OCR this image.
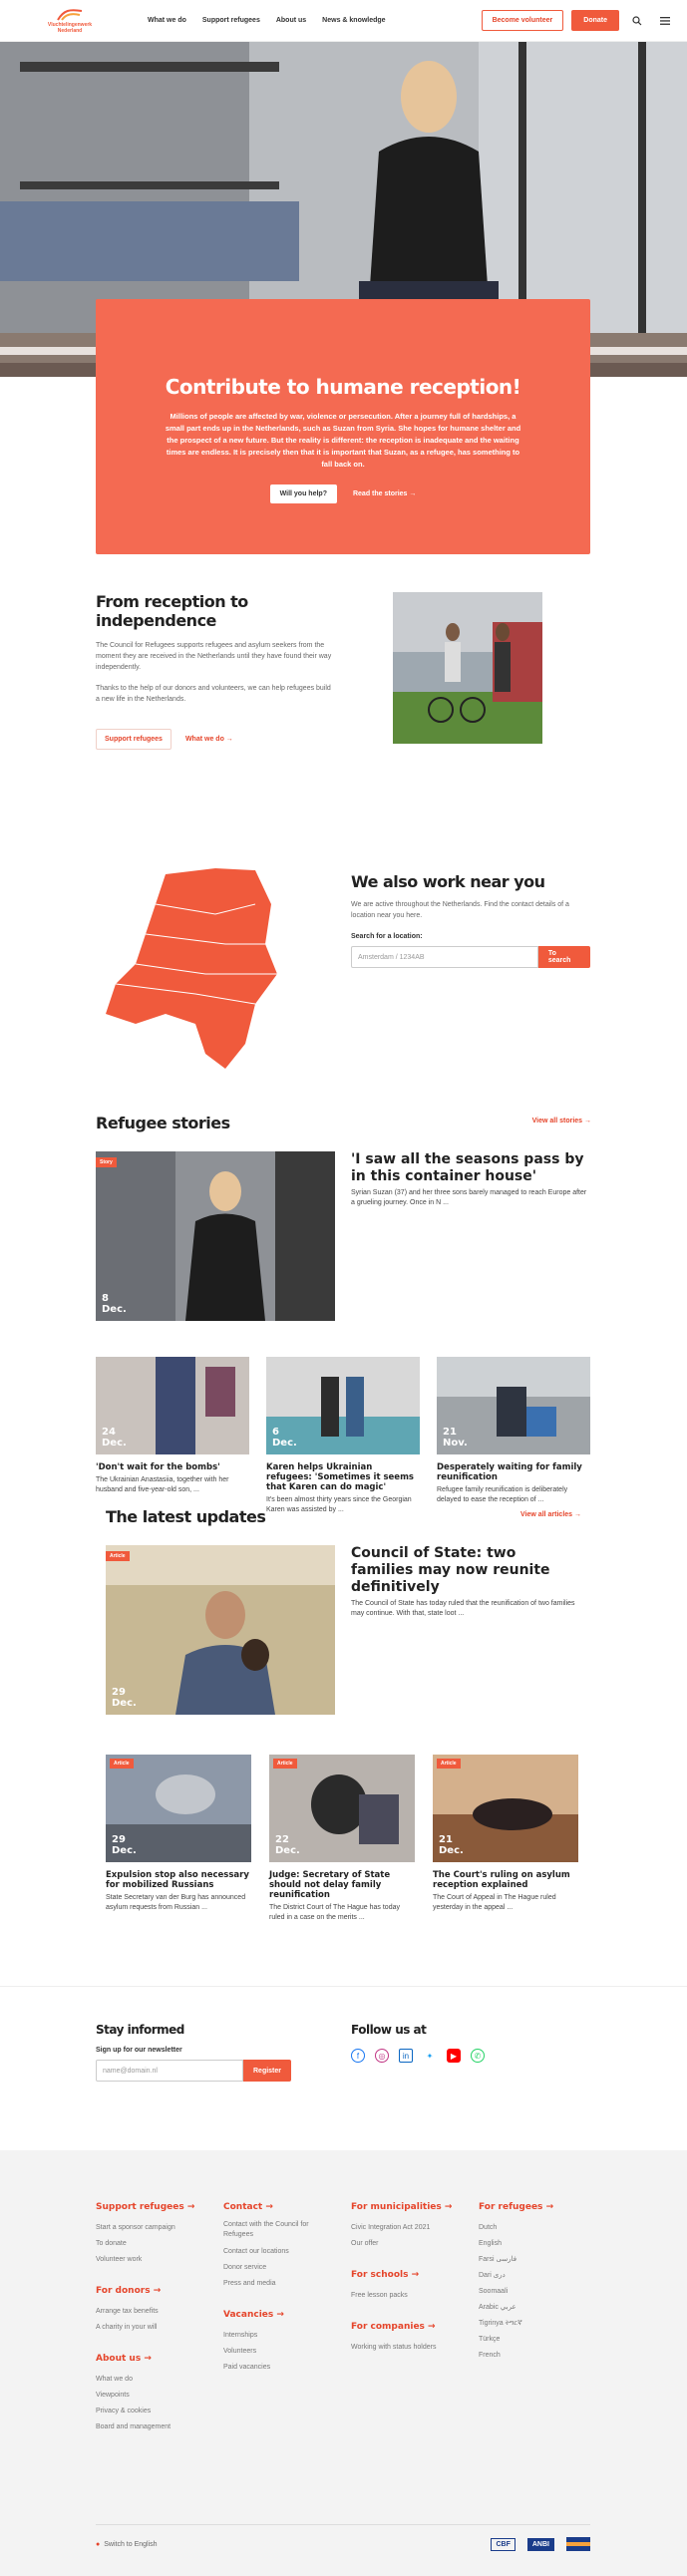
Vluchtelingenwerk Nederland
What we do Support refugees About us News & knowledge	Become volunteer	Donate
Contribute to humane reception!
Millions of people are affected by war, violence or persecution. After a journey full of hardships, a small part ends up in the Netherlands, such as Suzan from Syria. She hopes for humane shelter and the prospect of a new future. But the reality is different: the reception is inadequate and the waiting times are endless. It is precisely then that it is important that Suzan, as a refugee, has something to fall back on.
Will you help?	Read the stories →
From reception to independence

The Council for Refugees supports refugees and asylum seekers from the moment they are received in the Netherlands until they have found their way independently.

Thanks to the help of our donors and volunteers, we can help refugees build a new life in the Netherlands.

Support refugees	What we do →
We also work near you

We are active throughout the Netherlands. Find the contact details of a location near you here.

Search for a location:
Amsterdam / 1234AB	To search
Refugee stories	View all stories →
Story
8
Dec.
'I saw all the seasons pass by in this container house'
Syrian Suzan (37) and her three sons barely managed to reach Europe after a grueling journey. Once in N ...
24
Dec.
'Don't wait for the bombs'
The Ukrainian Anastasiia, together with her husband and five-year-old son, ...
6
Dec.
Karen helps Ukrainian refugees: 'Sometimes it seems that Karen can do magic'
It's been almost thirty years since the Georgian Karen was assisted by ...
21
Nov.
Desperately waiting for family reunification
Refugee family reunification is deliberately delayed to ease the reception of ...
The latest updates	View all articles →
Article
29
Dec.
Council of State: two families may now reunite definitively
The Council of State has today ruled that the reunification of two families may continue. With that, state loot ...
Article
29
Dec.
Expulsion stop also necessary for mobilized Russians
State Secretary van der Burg has announced asylum requests from Russian ...
Article
22
Dec.
Judge: Secretary of State should not delay family reunification
The District Court of The Hague has today ruled in a case on the merits ...
Article
21
Dec.
The Court's ruling on asylum reception explained
The Court of Appeal in The Hague ruled yesterday in the appeal ...
Stay informed
Sign up for our newsletter
name@domain.nl	Register
Follow us at
f	◎	in	✦	▶	✆
Support refugees →
Start a sponsor campaign
To donate
Volunteer work
For donors →
Arrange tax benefits
A charity in your will
About us →
What we do
Viewpoints
Privacy & cookies
Board and management
Contact →
Contact with the Council for Refugees
Contact our locations
Donor service
Press and media
Vacancies →
Internships
Volunteers
Paid vacancies
For municipalities →
Civic Integration Act 2021
Our offer
For schools →
Free lesson packs
For companies →
Working with status holders
For refugees →
Dutch
English
Farsi فارسی
Dari دری
Soomaali
Arabic عربي
Tigrinya ትግርኛ
Türkçe
French
● Switch to English	CBF	ANBI
